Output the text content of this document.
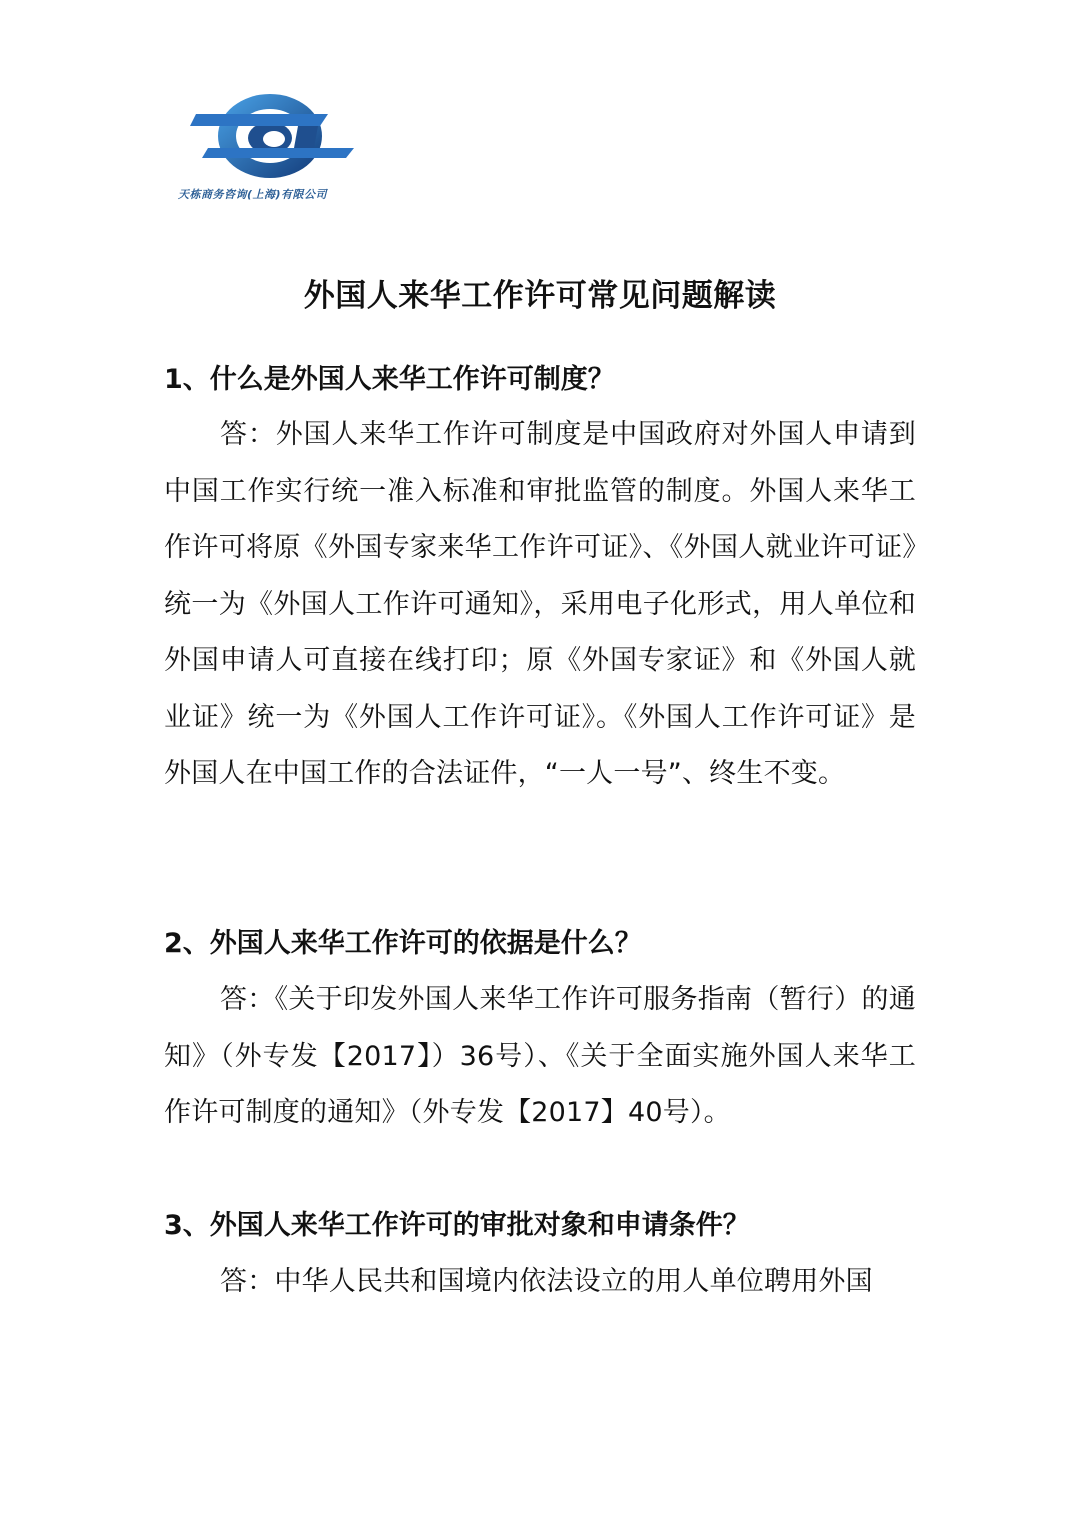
天栋商务咨询(上海)有限公司
外国人来华工作许可常见问题解读

1、什么是外国人来华工作许可制度？

答：外国人来华工作许可制度是中国政府对外国人申请到中国工作实行统一准入标准和审批监管的制度。外国人来华工作许可将原《外国专家来华工作许可证》、《外国人就业许可证》统一为《外国人工作许可通知》，采用电子化形式，用人单位和外国申请人可直接在线打印；原《外国专家证》和《外国人就业证》统一为《外国人工作许可证》。《外国人工作许可证》是外国人在中国工作的合法证件，“一人一号”、终生不变。

2、外国人来华工作许可的依据是什么？

答：《关于印发外国人来华工作许可服务指南（暂行）的通知》（外专发【2017】）36号）、《关于全面实施外国人来华工作许可制度的通知》（外专发【2017】40号）。

3、外国人来华工作许可的审批对象和申请条件？

答：中华人民共和国境内依法设立的用人单位聘用外国
